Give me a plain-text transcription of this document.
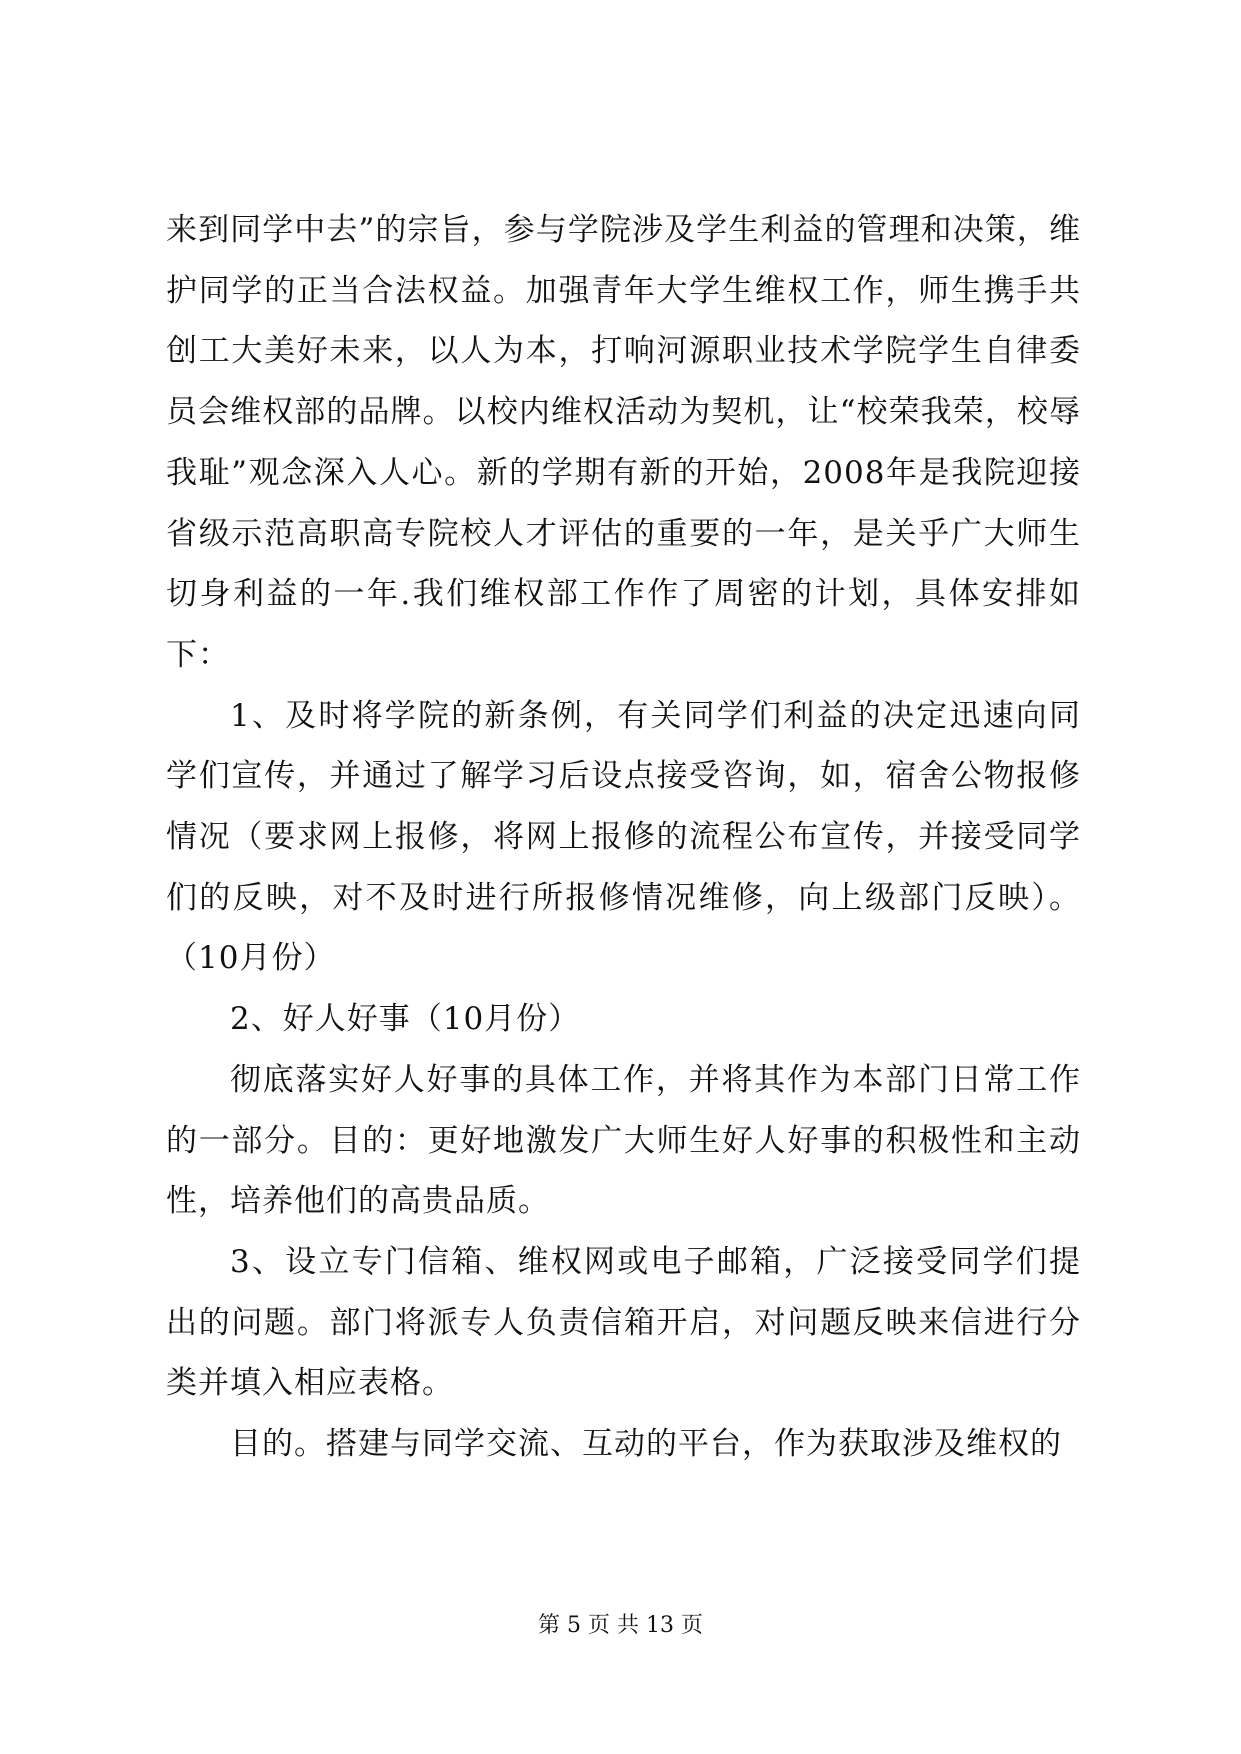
来到同学中去”的宗旨，参与学院涉及学生利益的管理和决策，维护同学的正当合法权益。加强青年大学生维权工作，师生携手共创工大美好未来，以人为本，打响河源职业技术学院学生自律委员会维权部的品牌。以校内维权活动为契机，让“校荣我荣，校辱我耻”观念深入人心。新的学期有新的开始，2008年是我院迎接省级示范高职高专院校人才评估的重要的一年，是关乎广大师生切身利益的一年.我们维权部工作作了周密的计划，具体安排如下：

1、及时将学院的新条例，有关同学们利益的决定迅速向同学们宣传，并通过了解学习后设点接受咨询，如，宿舍公物报修情况（要求网上报修，将网上报修的流程公布宣传，并接受同学们的反映，对不及时进行所报修情况维修，向上级部门反映）。（10月份）

2、好人好事（10月份）

彻底落实好人好事的具体工作，并将其作为本部门日常工作的一部分。目的：更好地激发广大师生好人好事的积极性和主动性，培养他们的高贵品质。

3、设立专门信箱、维权网或电子邮箱，广泛接受同学们提出的问题。部门将派专人负责信箱开启，对问题反映来信进行分类并填入相应表格。

目的。搭建与同学交流、互动的平台，作为获取涉及维权的

第 5 页 共 13 页
